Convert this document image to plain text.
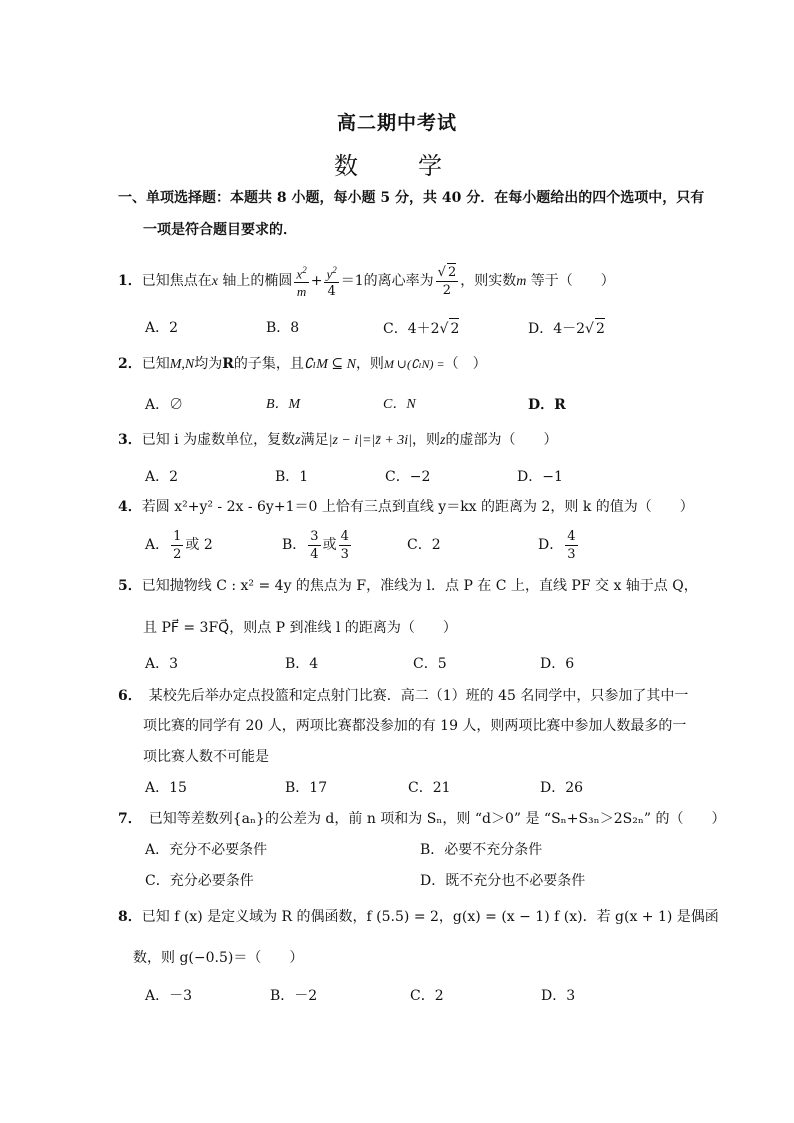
高二期中考试
数　学
一、单项选择题：本题共 8 小题，每小题 5 分，共 40 分．在每小题给出的四个选项中，只有
一项是符合题目要求的．
1．已知焦点在x 轴上的椭圆 $\frac{x^2}{m} + \frac{y^2}{4} =1$的离心率为 $\frac{√ 2}{2}$ ，则实数m 等于（　　）
A．2	B．8	C．4＋2√ 2	D．4－2√ 2
2．已知M,N均为R的子集，且∁ₗM ⊆ N，则M ∪(∁ₗN) =（　）
A．∅	B．M	C．N	D．R
3．已知 i 为虚数单位，复数z满足|z − i|=|z̄ + 3i|，则z的虚部为（　　）
A．2	B．1	C．−2	D．−1
4．若圆 x²+y² - 2x - 6y+1＝0 上恰有三点到直线 y＝kx 的距离为 2，则 k 的值为（　　）
A． $\frac{1}{2}$ 或 2	B． $\frac{3}{4}$ 或 $\frac{4}{3}$	C．2	D． $\frac{4}{3}$
5．已知抛物线 C : x² = 4y 的焦点为 F，准线为 l．点 P 在 C 上，直线 PF 交 x 轴于点 Q，
且 PF⃗ = 3FQ⃗，则点 P 到准线 l 的距离为（　　）
A．3	B．4	C．5	D．6
6．　某校先后举办定点投篮和定点射门比赛．高二（1）班的 45 名同学中，只参加了其中一
项比赛的同学有 20 人，两项比赛都没参加的有 19 人，则两项比赛中参加人数最多的一
项比赛人数不可能是
A．15	B．17	C．21	D．26
7．　已知等差数列{aₙ}的公差为 d，前 n 项和为 Sₙ，则 “d＞0” 是 “Sₙ+S₃ₙ＞2S₂ₙ” 的（　　）
A．充分不必要条件	B．必要不充分条件
C．充分必要条件	D．既不充分也不必要条件
8．已知 f (x) 是定义域为 R 的偶函数，f (5.5) = 2，g(x) = (x − 1) f (x)．若 g(x + 1) 是偶函
数，则 g(−0.5)＝（　　）
A．－3	B．－2	C．2	D．3
